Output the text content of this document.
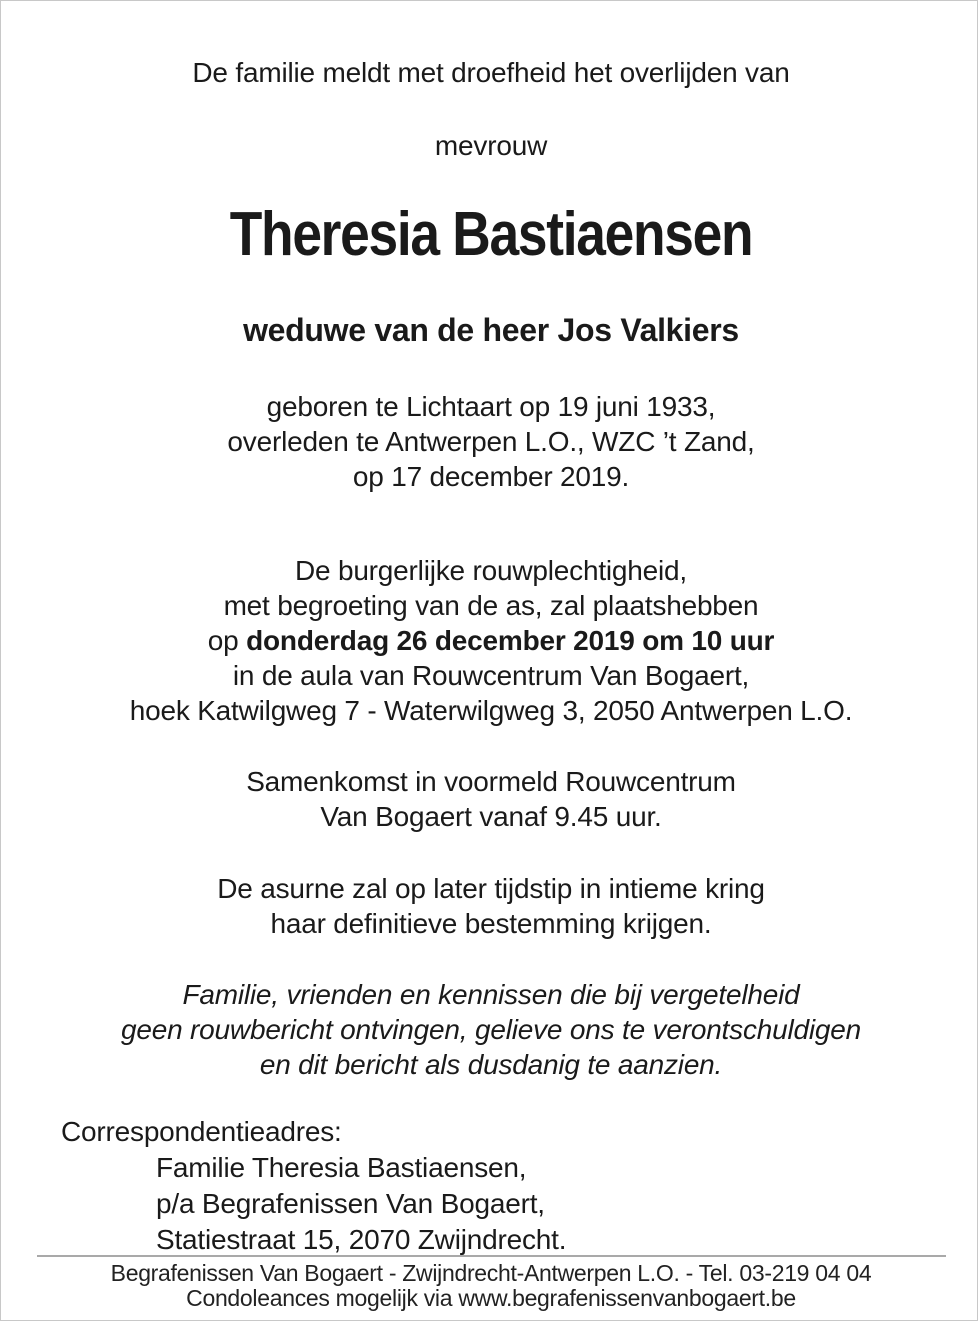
De familie meldt met droefheid het overlijden van
mevrouw
Theresia Bastiaensen
weduwe van de heer Jos Valkiers
geboren te Lichtaart op 19 juni 1933,
overleden te Antwerpen L.O., WZC ’t Zand,
op 17 december 2019.
De burgerlijke rouwplechtigheid,
met begroeting van de as, zal plaatshebben
op donderdag 26 december 2019 om 10 uur
in de aula van Rouwcentrum Van Bogaert,
hoek Katwilgweg 7 - Waterwilgweg 3, 2050 Antwerpen L.O.
Samenkomst in voormeld Rouwcentrum
Van Bogaert vanaf 9.45 uur.
De asurne zal op later tijdstip in intieme kring
haar definitieve bestemming krijgen.
Familie, vrienden en kennissen die bij vergetelheid
geen rouwbericht ontvingen, gelieve ons te verontschuldigen
en dit bericht als dusdanig te aanzien.
Correspondentieadres:
Familie Theresia Bastiaensen,
p/a Begrafenissen Van Bogaert,
Statiestraat 15, 2070 Zwijndrecht.
Begrafenissen Van Bogaert - Zwijndrecht-Antwerpen L.O. - Tel. 03-219 04 04
Condoleances mogelijk via www.begrafenissenvanbogaert.be
